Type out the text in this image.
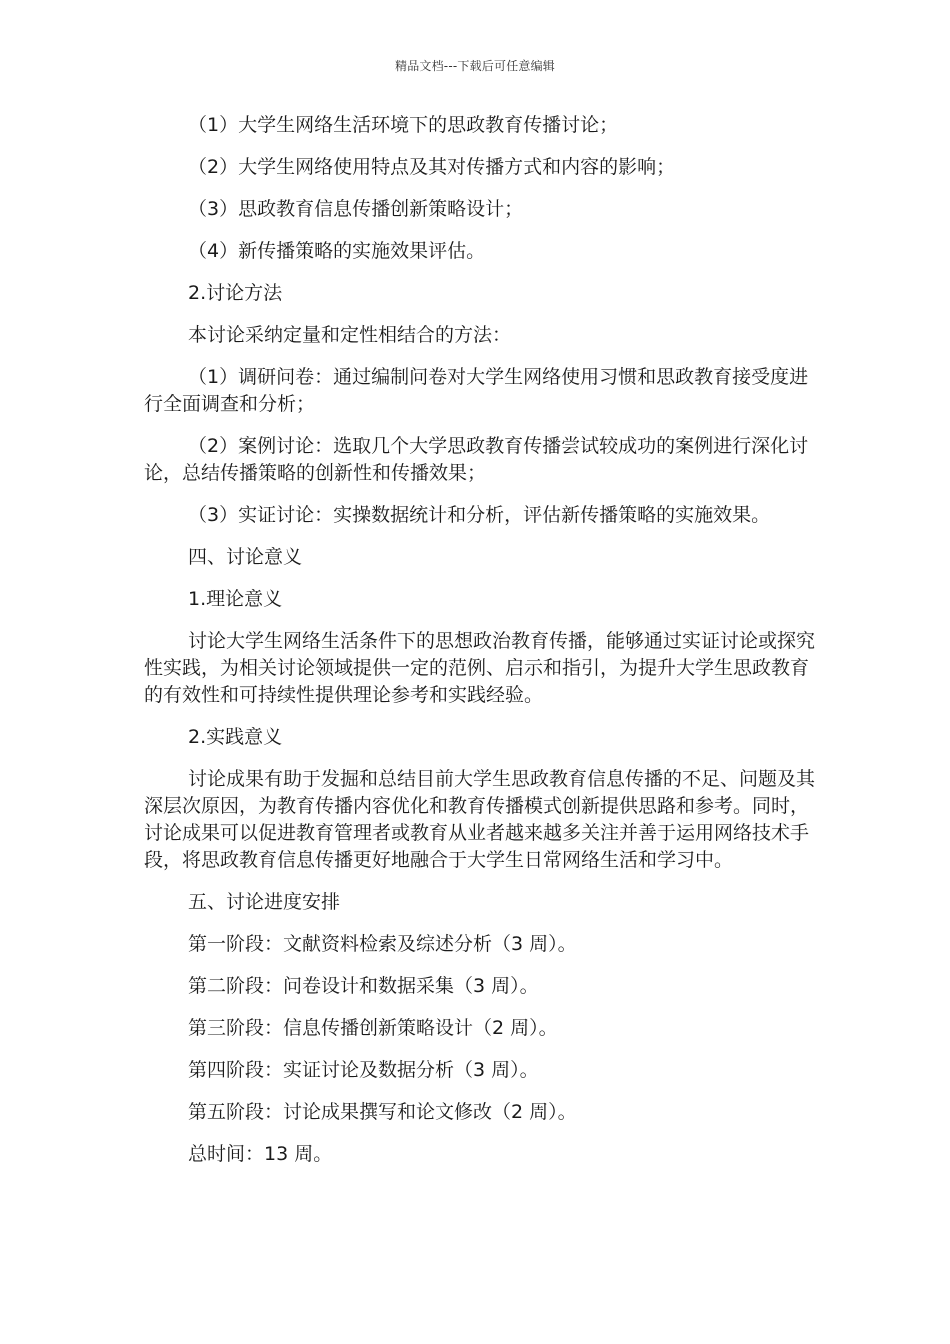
精品文档---下载后可任意编辑

（1）大学生网络生活环境下的思政教育传播讨论；

（2）大学生网络使用特点及其对传播方式和内容的影响；

（3）思政教育信息传播创新策略设计；

（4）新传播策略的实施效果评估。

2.讨论方法

本讨论采纳定量和定性相结合的方法：

（1）调研问卷：通过编制问卷对大学生网络使用习惯和思政教育接受度进行全面调查和分析；

（2）案例讨论：选取几个大学思政教育传播尝试较成功的案例进行深化讨论，总结传播策略的创新性和传播效果；

（3）实证讨论：实操数据统计和分析，评估新传播策略的实施效果。

四、讨论意义

1.理论意义

讨论大学生网络生活条件下的思想政治教育传播，能够通过实证讨论或探究性实践，为相关讨论领域提供一定的范例、启示和指引，为提升大学生思政教育的有效性和可持续性提供理论参考和实践经验。

2.实践意义

讨论成果有助于发掘和总结目前大学生思政教育信息传播的不足、问题及其深层次原因，为教育传播内容优化和教育传播模式创新提供思路和参考。同时，讨论成果可以促进教育管理者或教育从业者越来越多关注并善于运用网络技术手段，将思政教育信息传播更好地融合于大学生日常网络生活和学习中。

五、讨论进度安排

第一阶段：文献资料检索及综述分析（3 周）。

第二阶段：问卷设计和数据采集（3 周）。

第三阶段：信息传播创新策略设计（2 周）。

第四阶段：实证讨论及数据分析（3 周）。

第五阶段：讨论成果撰写和论文修改（2 周）。

总时间：13 周。
